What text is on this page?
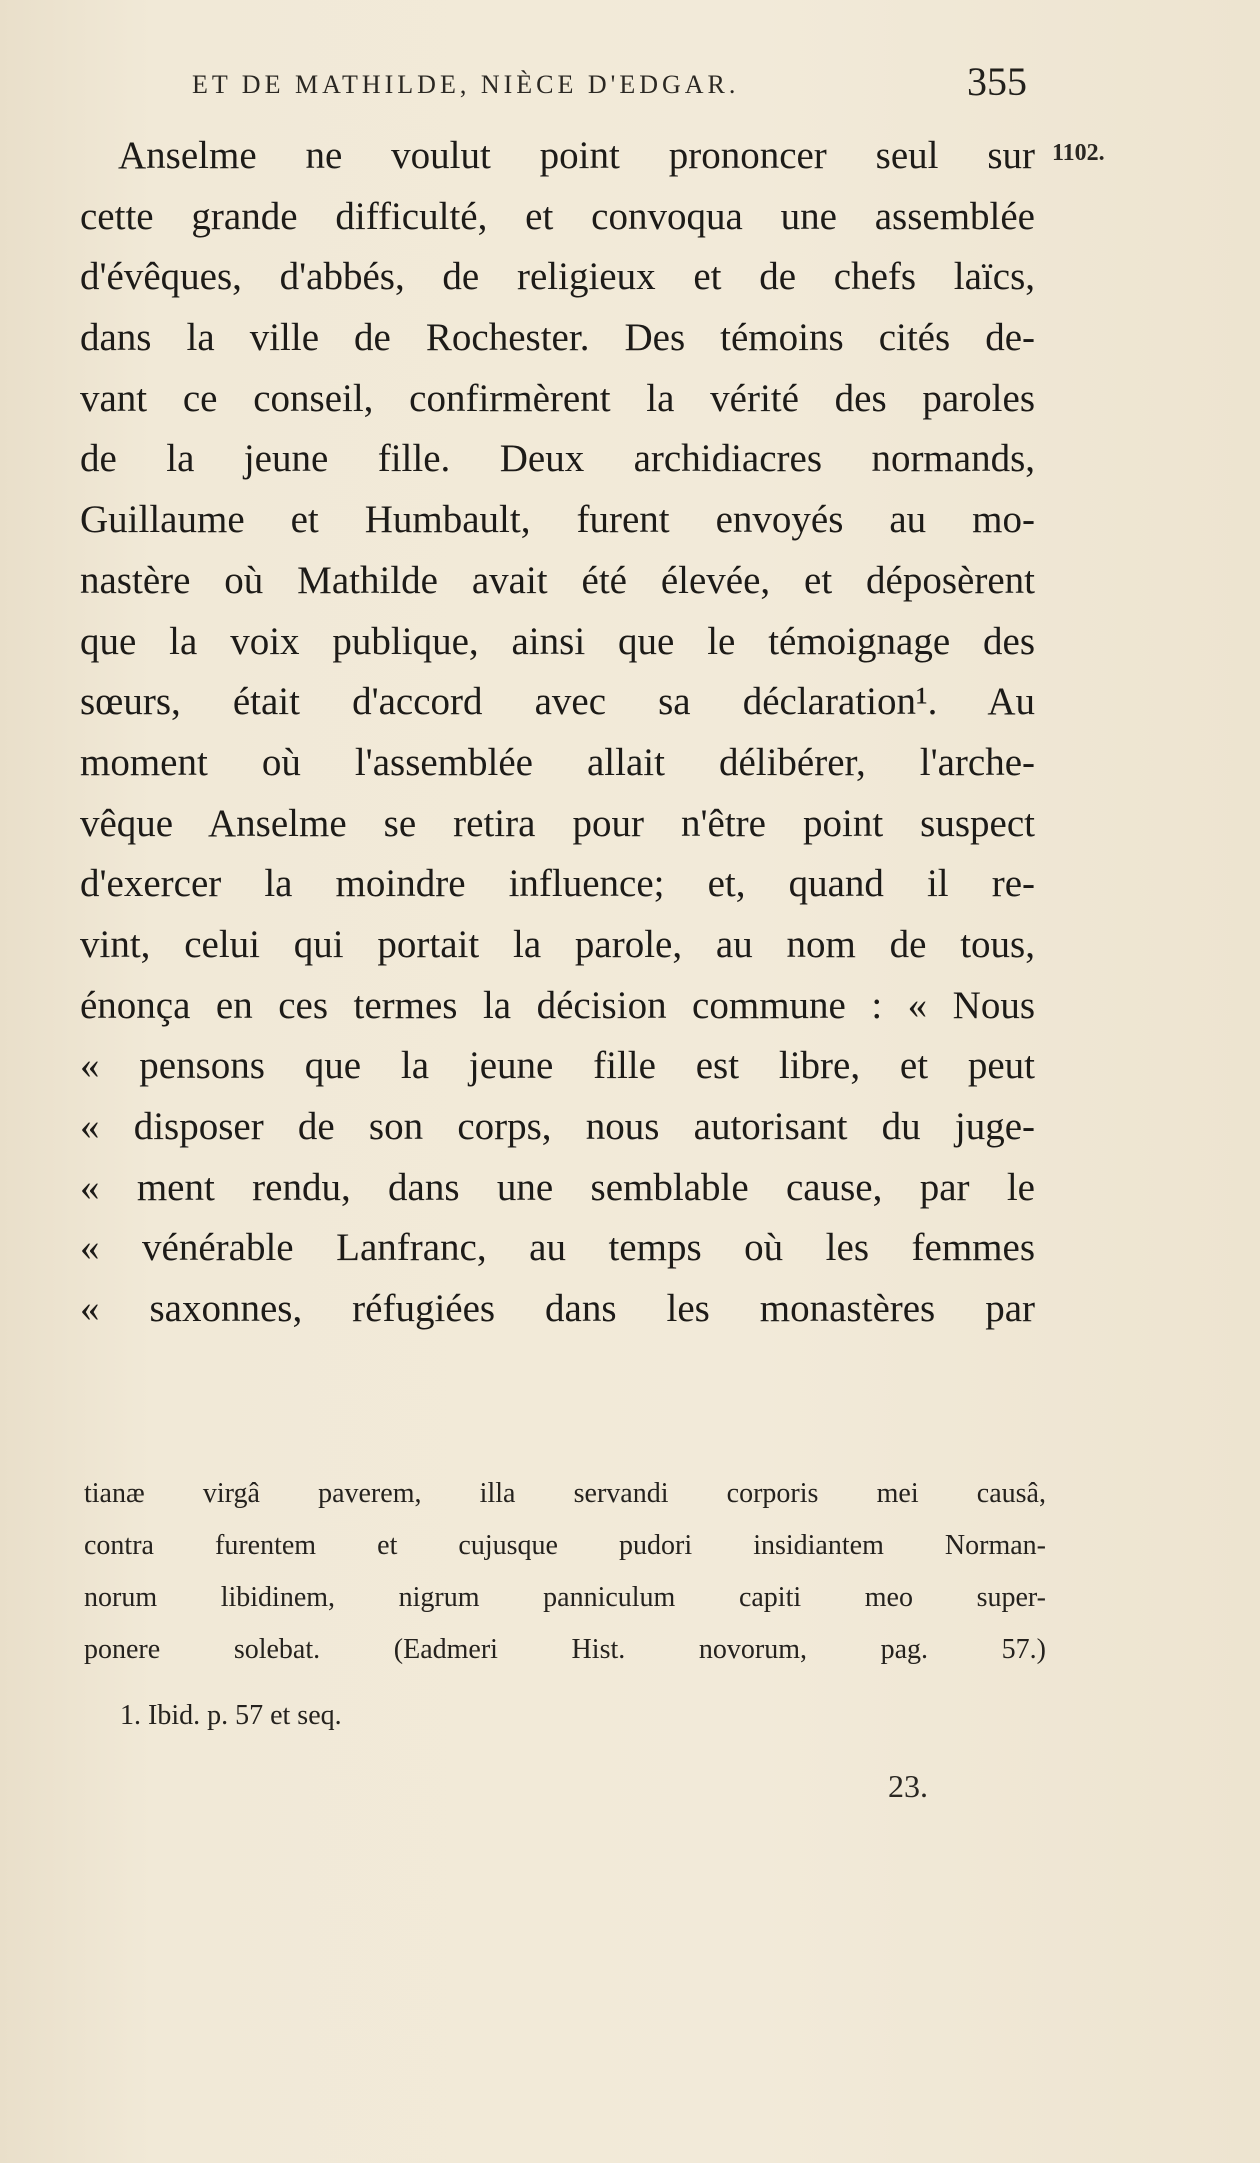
ET DE MATHILDE, NIÈCE D'EDGAR.	355
1102.
Anselme ne voulut point prononcer seul sur
cette grande difficulté, et convoqua une assemblée
d'évêques, d'abbés, de religieux et de chefs laïcs,
dans la ville de Rochester. Des témoins cités de-
vant ce conseil, confirmèrent la vérité des paroles
de la jeune fille. Deux archidiacres normands,
Guillaume et Humbault, furent envoyés au mo-
nastère où Mathilde avait été élevée, et déposèrent
que la voix publique, ainsi que le témoignage des
sœurs, était d'accord avec sa déclaration¹. Au
moment où l'assemblée allait délibérer, l'arche-
vêque Anselme se retira pour n'être point suspect
d'exercer la moindre influence; et, quand il re-
vint, celui qui portait la parole, au nom de tous,
énonça en ces termes la décision commune : « Nous
« pensons que la jeune fille est libre, et peut
« disposer de son corps, nous autorisant du juge-
« ment rendu, dans une semblable cause, par le
« vénérable Lanfranc, au temps où les femmes
« saxonnes, réfugiées dans les monastères par
tianæ virgâ paverem, illa servandi corporis mei causâ,
contra furentem et cujusque pudori insidiantem Norman-
norum libidinem, nigrum panniculum capiti meo super-
ponere solebat. (Eadmeri Hist. novorum, pag. 57.)
1. Ibid. p. 57 et seq.
23.
